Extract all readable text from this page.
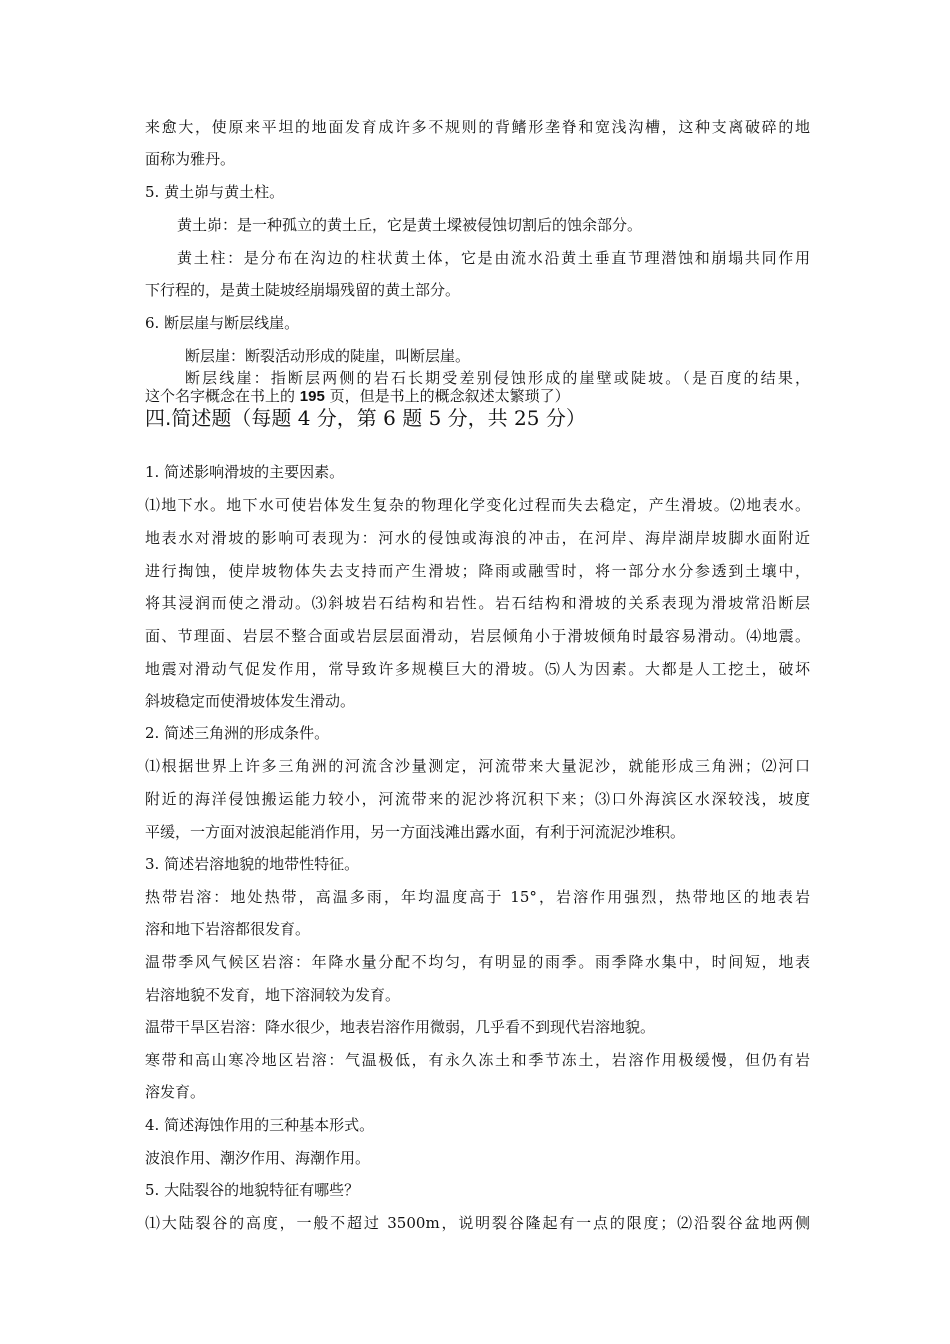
来愈大，使原来平坦的地面发育成许多不规则的背鳍形垄脊和宽浅沟槽，这种支离破碎的地
面称为雅丹。
5. 黄土峁与黄土柱。
黄土峁：是一种孤立的黄土丘，它是黄土墚被侵蚀切割后的蚀余部分。
黄土柱：是分布在沟边的柱状黄土体，它是由流水沿黄土垂直节理潜蚀和崩塌共同作用
下行程的，是黄土陡坡经崩塌残留的黄土部分。
6. 断层崖与断层线崖。
断层崖：断裂活动形成的陡崖，叫断层崖。
断层线崖：指断层两侧的岩石长期受差别侵蚀形成的崖壁或陡坡。（是百度的结果，
这个名字概念在书上的 195 页，但是书上的概念叙述太繁琐了）
四.简述题（每题 4 分，第 6 题 5 分，共 25 分）
1. 简述影响滑坡的主要因素。
⑴地下水。地下水可使岩体发生复杂的物理化学变化过程而失去稳定，产生滑坡。⑵地表水。
地表水对滑坡的影响可表现为：河水的侵蚀或海浪的冲击，在河岸、海岸湖岸坡脚水面附近
进行掏蚀，使岸坡物体失去支持而产生滑坡；降雨或融雪时，将一部分水分参透到土壤中，
将其浸润而使之滑动。⑶斜坡岩石结构和岩性。岩石结构和滑坡的关系表现为滑坡常沿断层
面、节理面、岩层不整合面或岩层层面滑动，岩层倾角小于滑坡倾角时最容易滑动。⑷地震。
地震对滑动气促发作用，常导致许多规模巨大的滑坡。⑸人为因素。大都是人工挖土，破坏
斜坡稳定而使滑坡体发生滑动。
2. 简述三角洲的形成条件。
⑴根据世界上许多三角洲的河流含沙量测定，河流带来大量泥沙，就能形成三角洲；⑵河口
附近的海洋侵蚀搬运能力较小，河流带来的泥沙将沉积下来；⑶口外海滨区水深较浅，坡度
平缓，一方面对波浪起能消作用，另一方面浅滩出露水面，有利于河流泥沙堆积。
3. 简述岩溶地貌的地带性特征。
热带岩溶：地处热带，高温多雨，年均温度高于 15°，岩溶作用强烈，热带地区的地表岩
溶和地下岩溶都很发育。
温带季风气候区岩溶：年降水量分配不均匀，有明显的雨季。雨季降水集中，时间短，地表
岩溶地貌不发育，地下溶洞较为发育。
温带干旱区岩溶：降水很少，地表岩溶作用微弱，几乎看不到现代岩溶地貌。
寒带和高山寒冷地区岩溶：气温极低，有永久冻土和季节冻土，岩溶作用极缓慢，但仍有岩
溶发育。
4. 简述海蚀作用的三种基本形式。
波浪作用、潮汐作用、海潮作用。
5. 大陆裂谷的地貌特征有哪些？
⑴大陆裂谷的高度，一般不超过 3500m，说明裂谷隆起有一点的限度；⑵沿裂谷盆地两侧
